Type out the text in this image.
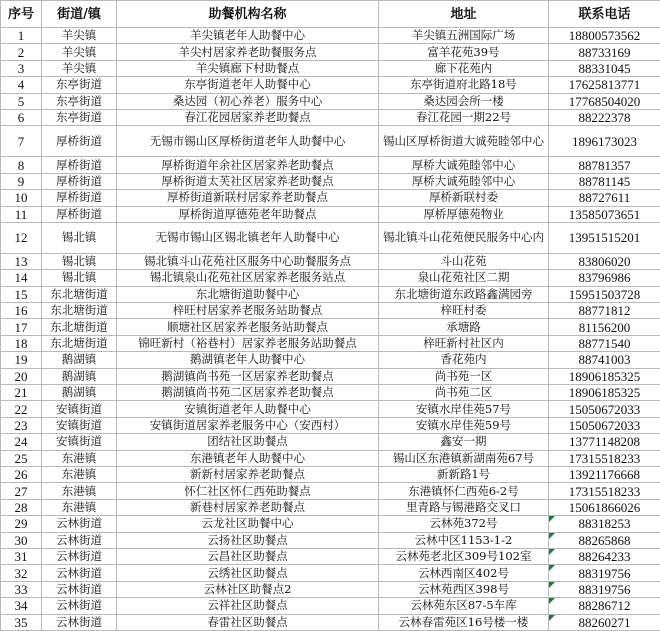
序号	街道/镇	助餐机构名称	地址	联系电话
1	羊尖镇	羊尖镇老年人助餐中心	羊尖镇五洲国际广场	18800573562
2	羊尖镇	羊尖村居家养老助餐服务点	富羊花苑39号	88733169
3	羊尖镇	羊尖镇廊下村助餐点	廊下花苑内	88331045
4	东亭街道	东亭街道老年人助餐中心	东亭街道府北路18号	17625813771
5	东亭街道	桑达园（初心养老）服务中心	桑达园会所一楼	17768504020
6	东亭街道	春江花园居家养老助餐点	春江花园一期22号	88222378
7	厚桥街道	无锡市锡山区厚桥街道老年人助餐中心	锡山区厚桥街道大诚苑睦邻中心	1896173023
8	厚桥街道	厚桥街道年余社区居家养老助餐点	厚桥大诚苑睦邻中心	88781357
9	厚桥街道	厚桥街道太芙社区居家养老助餐点	厚桥大诚苑睦邻中心	88781145
10	厚桥街道	厚桥街道新联村居家养老助餐点	厚桥新联村委	88727611
11	厚桥街道	厚桥街道厚德苑老年助餐点	厚桥厚德苑物业	13585073651
12	锡北镇	无锡市锡山区锡北镇老年人助餐中心	锡北镇斗山花苑便民服务中心内	13951515201
13	锡北镇	锡北镇斗山花苑社区服务中心助餐服务点	斗山花苑	83806020
14	锡北镇	锡北镇泉山花苑社区居家养老服务站点	泉山花苑社区二期	83796986
15	东北塘街道	东北塘街道助餐中心	东北塘街道东政路鑫满园旁	15951503728
16	东北塘街道	梓旺村居家养老服务站助餐点	梓旺村委	88771812
17	东北塘街道	顺塘社区居家养老服务站助餐点	承塘路	81156200
18	东北塘街道	锦旺新村（裕巷村）居家养老服务站助餐点	梓旺新村社区内	88771540
19	鹅湖镇	鹅湖镇老年人助餐中心	香花苑内	88741003
20	鹅湖镇	鹅湖镇尚书苑一区居家养老助餐点	尚书苑一区	18906185325
21	鹅湖镇	鹅湖镇尚书苑二区居家养老助餐点	尚书苑二区	18906185325
22	安镇街道	安镇街道老年人助餐中心	安镇水岸佳苑57号	15050672033
23	安镇街道	安镇街道居家养老服务中心（安西村）	安镇水岸佳苑59号	15050672033
24	安镇街道	团结社区助餐点	鑫安一期	13771148208
25	东港镇	东港镇老年人助餐中心	锡山区东港镇新湖南苑67号	17315518233
26	东港镇	新新村居家养老助餐点	新新路1号	13921176668
27	东港镇	怀仁社区怀仁西苑助餐点	东港镇怀仁西苑6-2号	17315518233
28	东港镇	新巷村居家养老助餐点	里青路与锡港路交叉口	15061866026
29	云林街道	云龙社区助餐中心	云林苑372号	88318253
30	云林街道	云扬社区助餐点	云林中区1153-1-2	88265868
31	云林街道	云昌社区助餐点	云林苑老北区309号102室	88264233
32	云林街道	云绣社区助餐点	云林西南区402号	88319756
33	云林街道	云林社区助餐点2	云林苑西区398号	88319756
34	云林街道	云祥社区助餐点	云林苑东区87-5车库	88286712
35	云林街道	春雷社区助餐点	云林春雷苑区16号楼一楼	88260271
